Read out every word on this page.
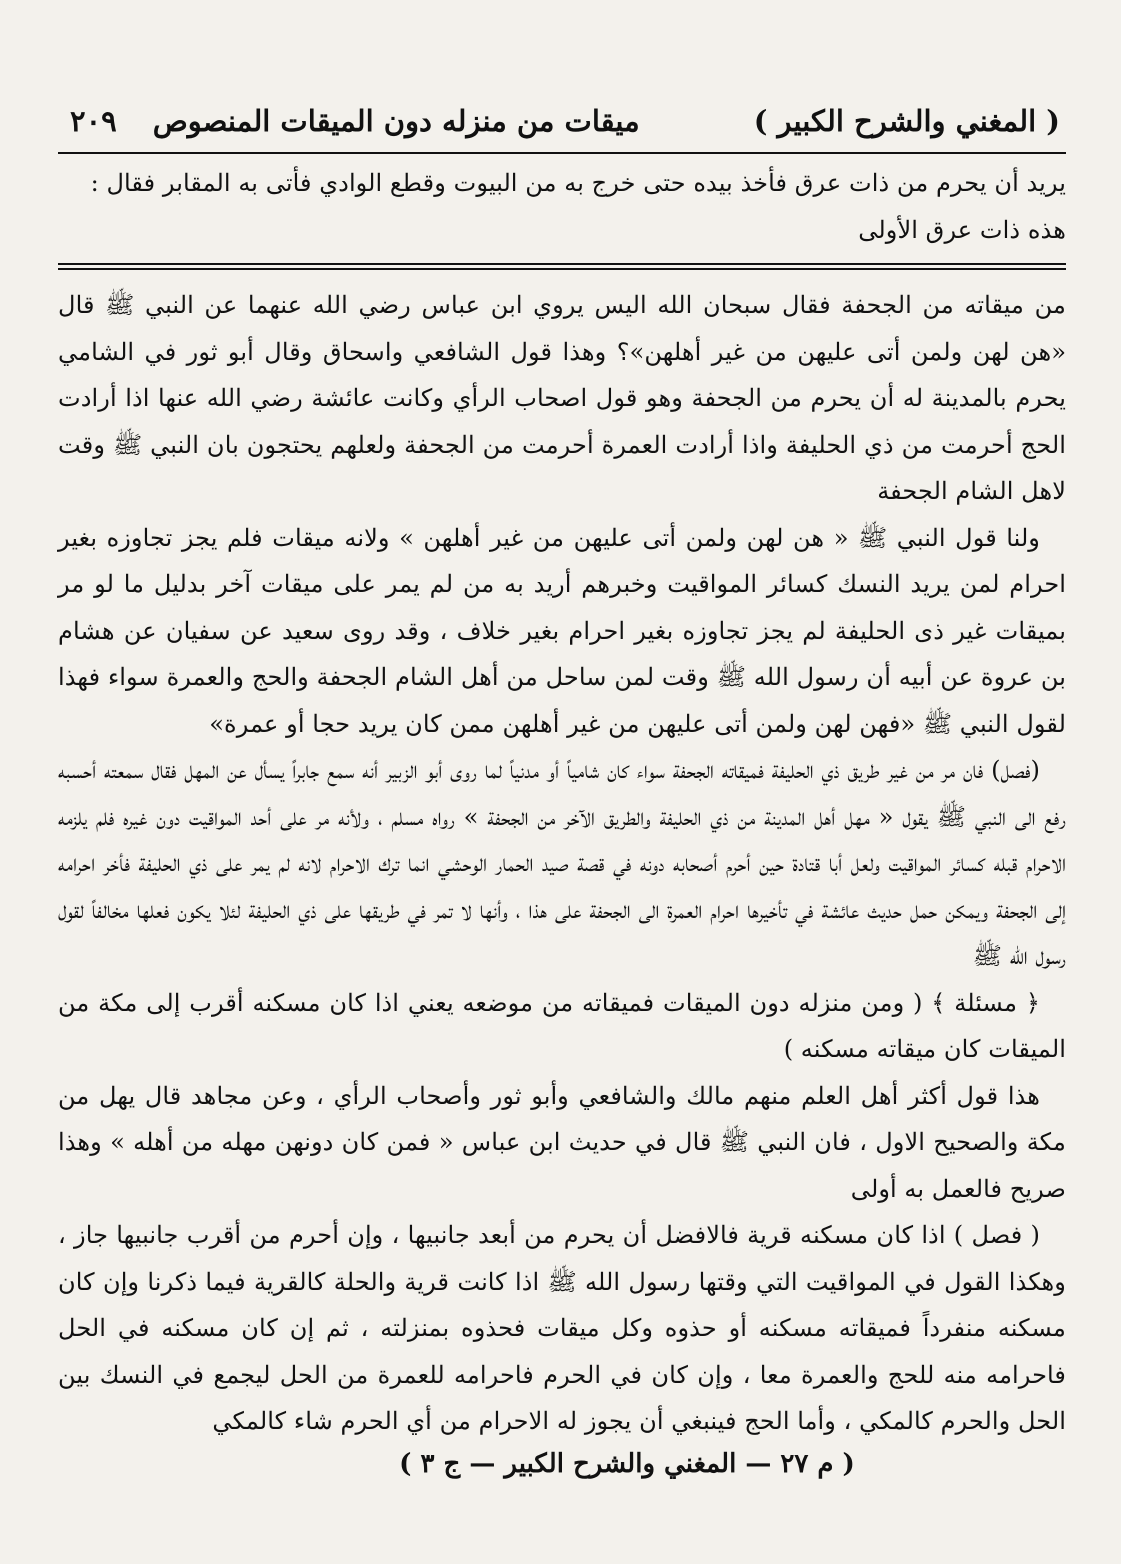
( المغني والشرح الكبير )
ميقات من منزله دون الميقات المنصوص
٢٠٩

يريد أن يحرم من ذات عرق فأخذ بيده حتى خرج به من البيوت وقطع الوادي فأتى به المقابر فقال :

هذه ذات عرق الأولى

من ميقاته من الجحفة فقال سبحان الله اليس يروي ابن عباس رضي الله عنهما عن النبي ﷺ قال «هن لهن ولمن أتى عليهن من غير أهلهن»؟ وهذا قول الشافعي واسحاق وقال أبو ثور في الشامي يحرم بالمدينة له أن يحرم من الجحفة وهو قول اصحاب الرأي وكانت عائشة رضي الله عنها اذا أرادت الحج أحرمت من ذي الحليفة واذا أرادت العمرة أحرمت من الجحفة ولعلهم يحتجون بان النبي ﷺ وقت لاهل الشام الجحفة

ولنا قول النبي ﷺ « هن لهن ولمن أتى عليهن من غير أهلهن » ولانه ميقات فلم يجز تجاوزه بغير احرام لمن يريد النسك كسائر المواقيت وخبرهم أريد به من لم يمر على ميقات آخر بدليل ما لو مر بميقات غير ذى الحليفة لم يجز تجاوزه بغير احرام بغير خلاف ، وقد روى سعيد عن سفيان عن هشام بن عروة عن أبيه أن رسول الله ﷺ وقت لمن ساحل من أهل الشام الجحفة والحج والعمرة سواء فهذا لقول النبي ﷺ «فهن لهن ولمن أتى عليهن من غير أهلهن ممن كان يريد حجا أو عمرة»

(فصل) فان مر من غير طريق ذي الحليفة فميقاته الجحفة سواء كان شامياً أو مدنياً لما روى أبو الزبير أنه سمع جابراً يسأل عن المهل فقال سمعته أحسبه رفع الى النبي ﷺ يقول « مهل أهل المدينة من ذي الحليفة والطريق الآخر من الجحفة » رواه مسلم ، ولأنه مر على أحد المواقيت دون غيره فلم يلزمه الاحرام قبله كسائر المواقيت ولعل أبا قتادة حين أحرم أصحابه دونه في قصة صيد الحمار الوحشي انما ترك الاحرام لانه لم يمر على ذي الحليفة فأخر احرامه إلى الجحفة ويمكن حمل حديث عائشة في تأخيرها احرام العمرة الى الجحفة على هذا ، وأنها لا تمر في طريقها على ذي الحليفة لئلا يكون فعلها مخالفاً لقول رسول الله ﷺ

﴿ مسئلة ﴾ ( ومن منزله دون الميقات فميقاته من موضعه يعني اذا كان مسكنه أقرب إلى مكة من الميقات كان ميقاته مسكنه )

هذا قول أكثر أهل العلم منهم مالك والشافعي وأبو ثور وأصحاب الرأي ، وعن مجاهد قال يهل من مكة والصحيح الاول ، فان النبي ﷺ قال في حديث ابن عباس « فمن كان دونهن مهله من أهله » وهذا صريح فالعمل به أولى

( فصل ) اذا كان مسكنه قرية فالافضل أن يحرم من أبعد جانبيها ، وإن أحرم من أقرب جانبيها جاز ، وهكذا القول في المواقيت التي وقتها رسول الله ﷺ اذا كانت قرية والحلة كالقرية فيما ذكرنا وإن كان مسكنه منفرداً فميقاته مسكنه أو حذوه وكل ميقات فحذوه بمنزلته ، ثم إن كان مسكنه في الحل فاحرامه منه للحج والعمرة معا ، وإن كان في الحرم فاحرامه للعمرة من الحل ليجمع في النسك بين الحل والحرم كالمكي ، وأما الحج فينبغي أن يجوز له الاحرام من أي الحرم شاء كالمكي

( م ٢٧ — المغني والشرح الكبير — ج ٣ )
